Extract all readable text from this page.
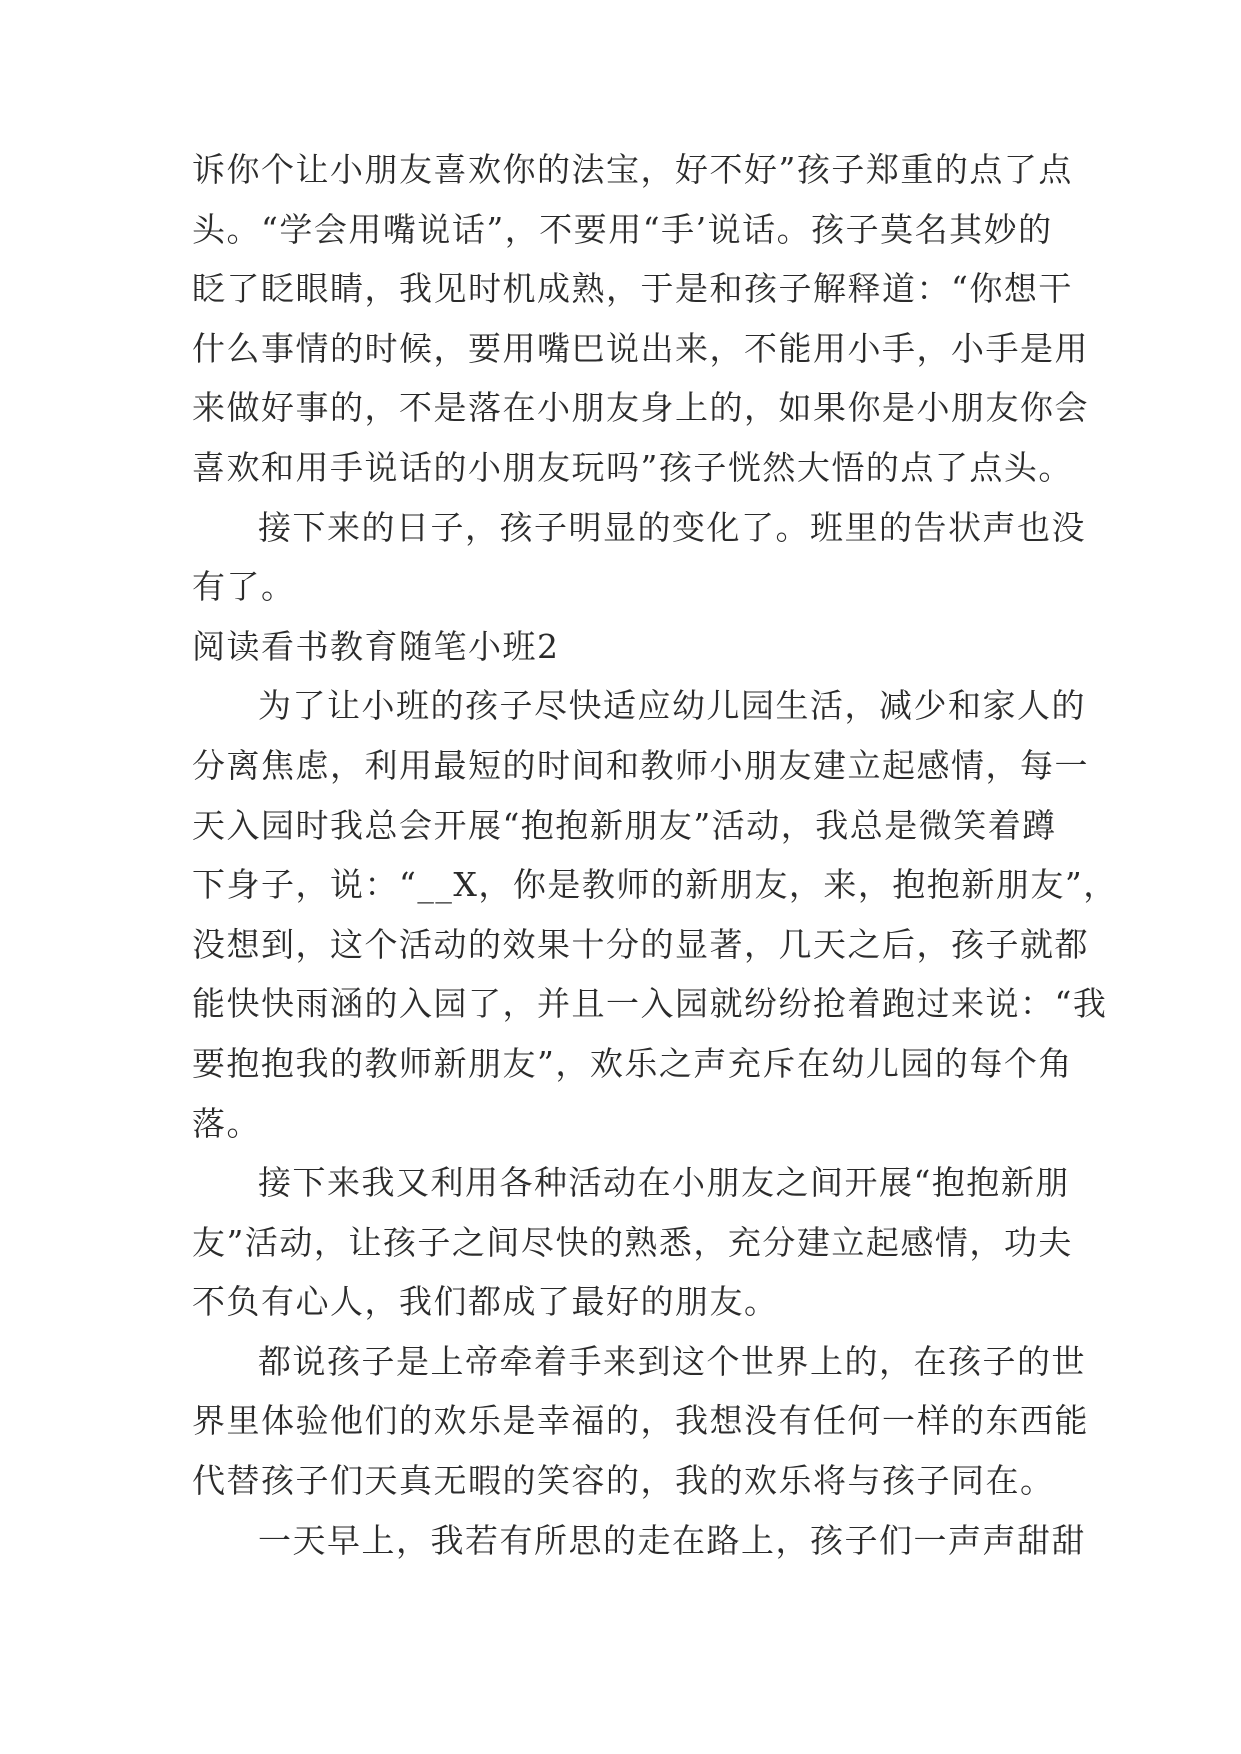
诉你个让小朋友喜欢你的法宝，好不好”孩子郑重的点了点
头。“学会用嘴说话”，不要用“手’说话。孩子莫名其妙的
眨了眨眼睛，我见时机成熟，于是和孩子解释道：“你想干
什么事情的时候，要用嘴巴说出来，不能用小手，小手是用
来做好事的，不是落在小朋友身上的，如果你是小朋友你会
喜欢和用手说话的小朋友玩吗”孩子恍然大悟的点了点头。
接下来的日子，孩子明显的变化了。班里的告状声也没
有了。
阅读看书教育随笔小班2
为了让小班的孩子尽快适应幼儿园生活，减少和家人的
分离焦虑，利用最短的时间和教师小朋友建立起感情，每一
天入园时我总会开展“抱抱新朋友”活动，我总是微笑着蹲
下身子，说：“__X，你是教师的新朋友，来，抱抱新朋友”，
没想到，这个活动的效果十分的显著，几天之后，孩子就都
能快快雨涵的入园了，并且一入园就纷纷抢着跑过来说：“我
要抱抱我的教师新朋友”，欢乐之声充斥在幼儿园的每个角
落。
接下来我又利用各种活动在小朋友之间开展“抱抱新朋
友”活动，让孩子之间尽快的熟悉，充分建立起感情，功夫
不负有心人，我们都成了最好的朋友。
都说孩子是上帝牵着手来到这个世界上的，在孩子的世
界里体验他们的欢乐是幸福的，我想没有任何一样的东西能
代替孩子们天真无暇的笑容的，我的欢乐将与孩子同在。
一天早上，我若有所思的走在路上，孩子们一声声甜甜
